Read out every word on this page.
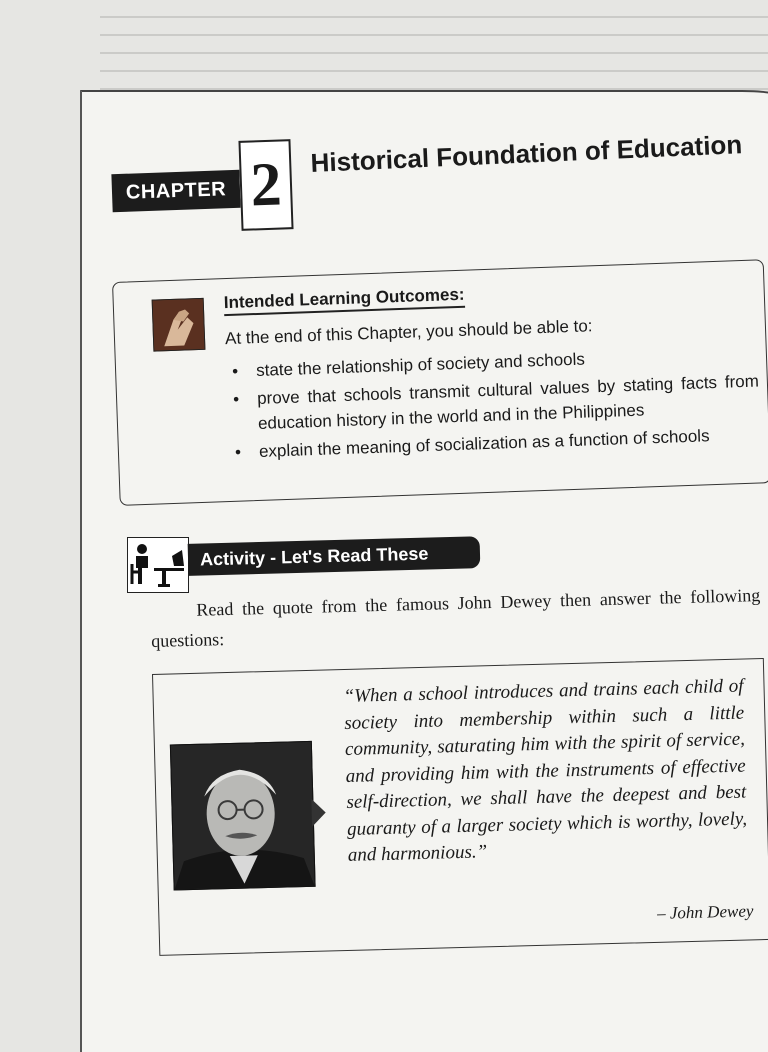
CHAPTER 2	Historical Foundation of Education
Intended Learning Outcomes:
At the end of this Chapter, you should be able to:
• state the relationship of society and schools
• prove that schools transmit cultural values by stating facts from education history in the world and in the Philippines
• explain the meaning of socialization as a function of schools
Activity - Let's Read These
Read the quote from the famous John Dewey then answer the following questions:
“When a school introduces and trains each child of society into membership within such a little community, saturating him with the spirit of service, and providing him with the instruments of effective self-direction, we shall have the deepest and best guaranty of a larger society which is worthy, lovely, and harmonious.”
– John Dewey
